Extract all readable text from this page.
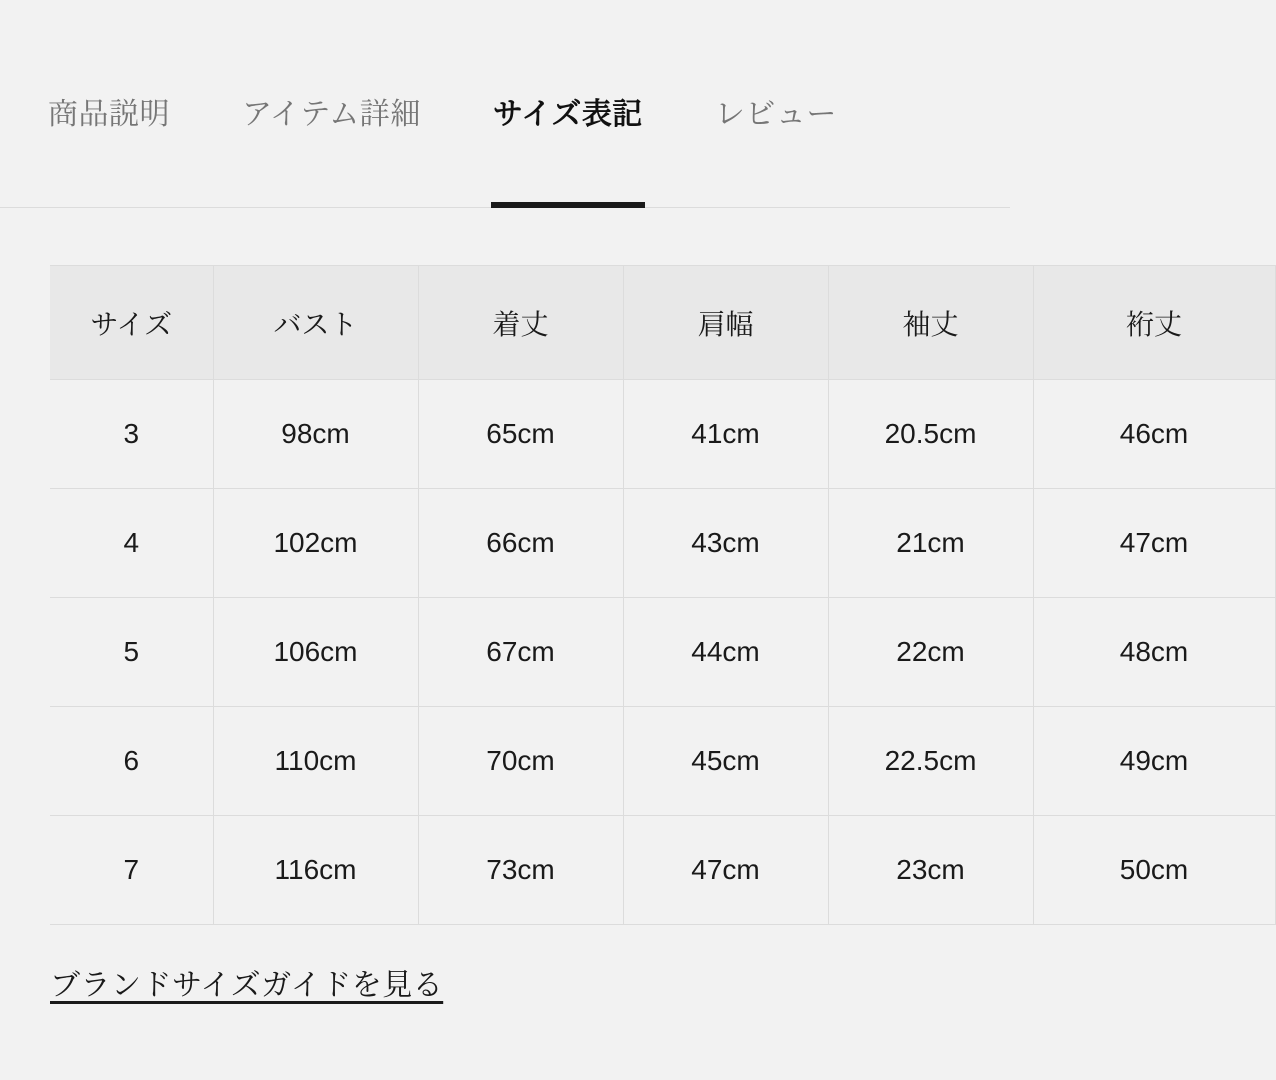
商品説明 アイテム詳細 サイズ表記 レビュー
サイズ	バスト	着丈	肩幅	袖丈	裄丈
3	98cm	65cm	41cm	20.5cm	46cm
4	102cm	66cm	43cm	21cm	47cm
5	106cm	67cm	44cm	22cm	48cm
6	110cm	70cm	45cm	22.5cm	49cm
7	116cm	73cm	47cm	23cm	50cm
ブランドサイズガイドを見る
